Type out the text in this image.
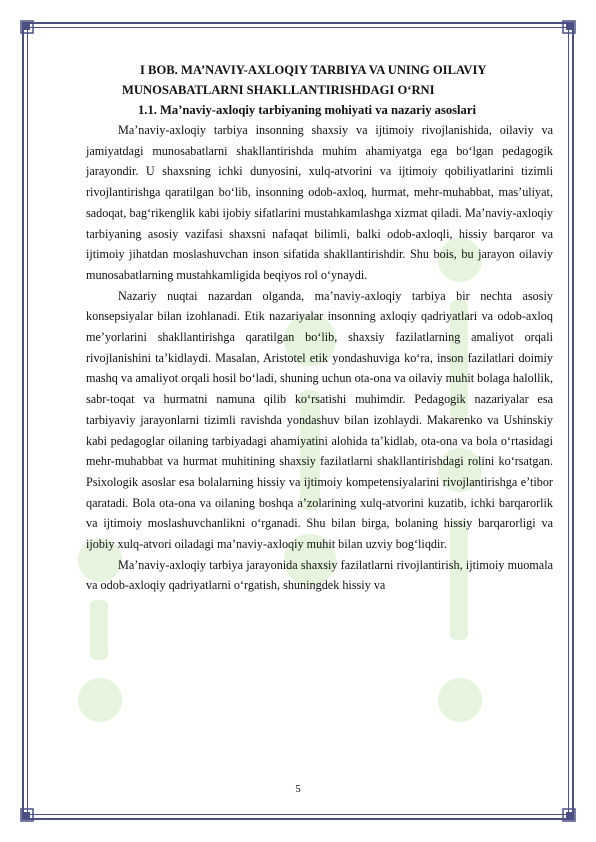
I BOB. MA’NAVIY-AXLOQIY TARBIYA VA UNING OILAVIY
MUNOSABATLARNI SHAKLLANTIRISHDAGI O‘RNI
1.1. Ma’naviy-axloqiy tarbiyaning mohiyati va nazariy asoslari

Ma’naviy-axloqiy tarbiya insonning shaxsiy va ijtimoiy rivojlanishida, oilaviy va jamiyatdagi munosabatlarni shakllantirishda muhim ahamiyatga ega bo‘lgan pedagogik jarayondir. U shaxsning ichki dunyosini, xulq-atvorini va ijtimoiy qobiliyatlarini tizimli rivojlantirishga qaratilgan bo‘lib, insonning odob-axloq, hurmat, mehr-muhabbat, mas’uliyat, sadoqat, bag‘rikenglik kabi ijobiy sifatlarini mustahkamlashga xizmat qiladi. Ma’naviy-axloqiy tarbiyaning asosiy vazifasi shaxsni nafaqat bilimli, balki odob-axloqli, hissiy barqaror va ijtimoiy jihatdan moslashuvchan inson sifatida shakllantirishdir. Shu bois, bu jarayon oilaviy munosabatlarning mustahkamligida beqiyos rol o‘ynaydi.

Nazariy nuqtai nazardan olganda, ma’naviy-axloqiy tarbiya bir nechta asosiy konsepsiyalar bilan izohlanadi. Etik nazariyalar insonning axloqiy qadriyatlari va odob-axloq me’yorlarini shakllantirishga qaratilgan bo‘lib, shaxsiy fazilatlarning amaliyot orqali rivojlanishini ta’kidlaydi. Masalan, Aristotel etik yondashuviga ko‘ra, inson fazilatlari doimiy mashq va amaliyot orqali hosil bo‘ladi, shuning uchun ota-ona va oilaviy muhit bolaga halollik, sabr-toqat va hurmatni namuna qilib ko‘rsatishi muhimdir. Pedagogik nazariyalar esa tarbiyaviy jarayonlarni tizimli ravishda yondashuv bilan izohlaydi. Makarenko va Ushinskiy kabi pedagoglar oilaning tarbiyadagi ahamiyatini alohida ta’kidlab, ota-ona va bola o‘rtasidagi mehr-muhabbat va hurmat muhitining shaxsiy fazilatlarni shakllantirishdagi rolini ko‘rsatgan. Psixologik asoslar esa bolalarning hissiy va ijtimoiy kompetensiyalarini rivojlantirishga e’tibor qaratadi. Bola ota-ona va oilaning boshqa a’zolarining xulq-atvorini kuzatib, ichki barqarorlik va ijtimoiy moslashuvchanlikni o‘rganadi. Shu bilan birga, bolaning hissiy barqarorligi va ijobiy xulq-atvori oiladagi ma’naviy-axloqiy muhit bilan uzviy bog‘liqdir.

Ma’naviy-axloqiy tarbiya jarayonida shaxsiy fazilatlarni rivojlantirish, ijtimoiy muomala va odob-axloqiy qadriyatlarni o‘rgatish, shuningdek hissiy va

5
